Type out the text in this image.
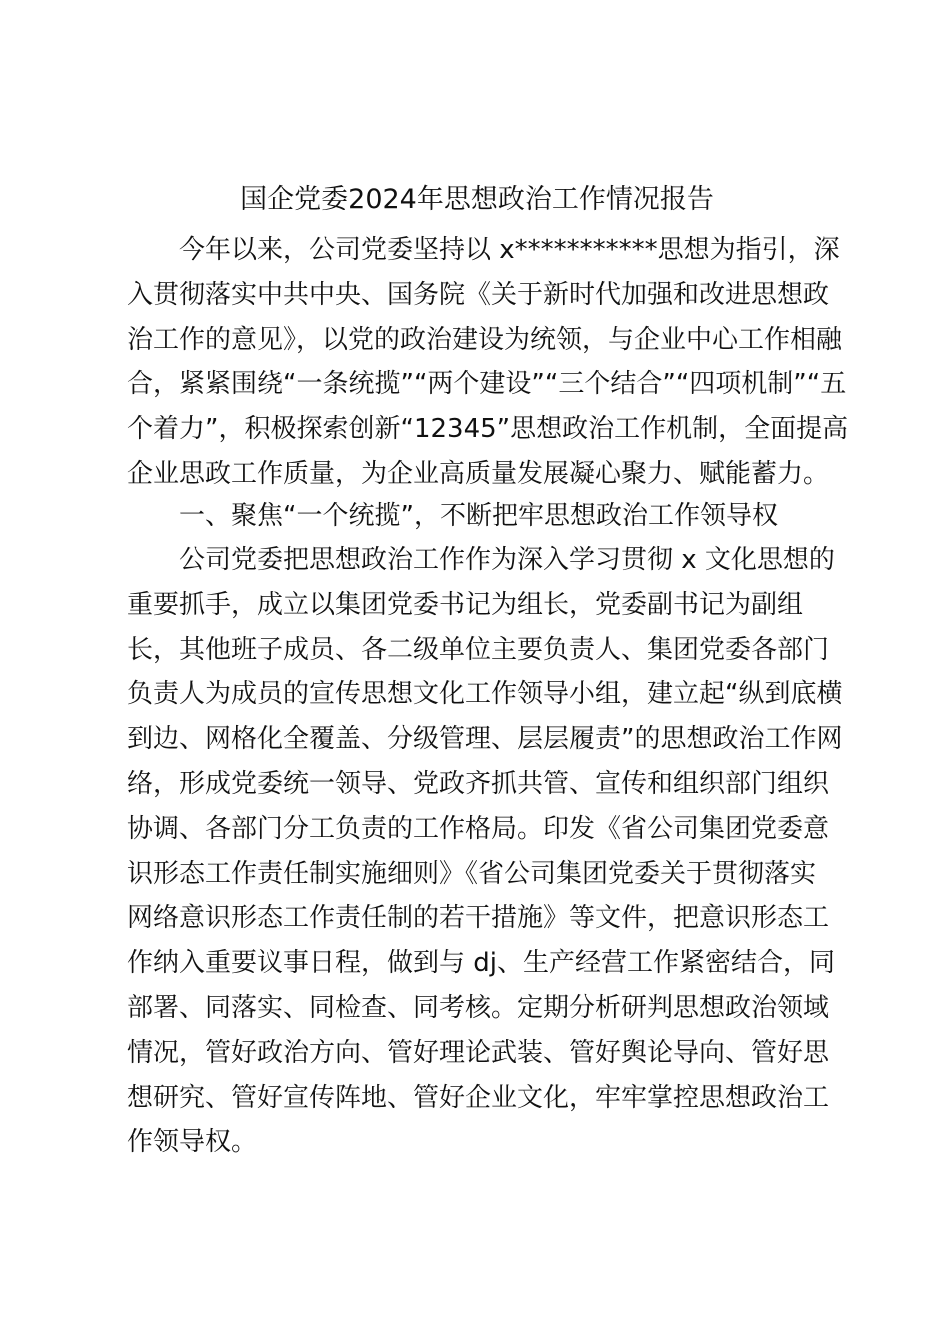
国企党委2024年思想政治工作情况报告
今年以来，公司党委坚持以 x***********思想为指引，深
入贯彻落实中共中央、国务院《关于新时代加强和改进思想政
治工作的意见》，以党的政治建设为统领，与企业中心工作相融
合，紧紧围绕“一条统揽”“两个建设”“三个结合”“四项机制”“五
个着力”，积极探索创新“12345”思想政治工作机制，全面提高
企业思政工作质量，为企业高质量发展凝心聚力、赋能蓄力。
一、聚焦“一个统揽”，不断把牢思想政治工作领导权
公司党委把思想政治工作作为深入学习贯彻 x 文化思想的
重要抓手，成立以集团党委书记为组长，党委副书记为副组
长，其他班子成员、各二级单位主要负责人、集团党委各部门
负责人为成员的宣传思想文化工作领导小组，建立起“纵到底横
到边、网格化全覆盖、分级管理、层层履责”的思想政治工作网
络，形成党委统一领导、党政齐抓共管、宣传和组织部门组织
协调、各部门分工负责的工作格局。印发《省公司集团党委意
识形态工作责任制实施细则》《省公司集团党委关于贯彻落实
网络意识形态工作责任制的若干措施》等文件，把意识形态工
作纳入重要议事日程，做到与 dj、生产经营工作紧密结合，同
部署、同落实、同检查、同考核。定期分析研判思想政治领域
情况，管好政治方向、管好理论武装、管好舆论导向、管好思
想研究、管好宣传阵地、管好企业文化，牢牢掌控思想政治工
作领导权。
